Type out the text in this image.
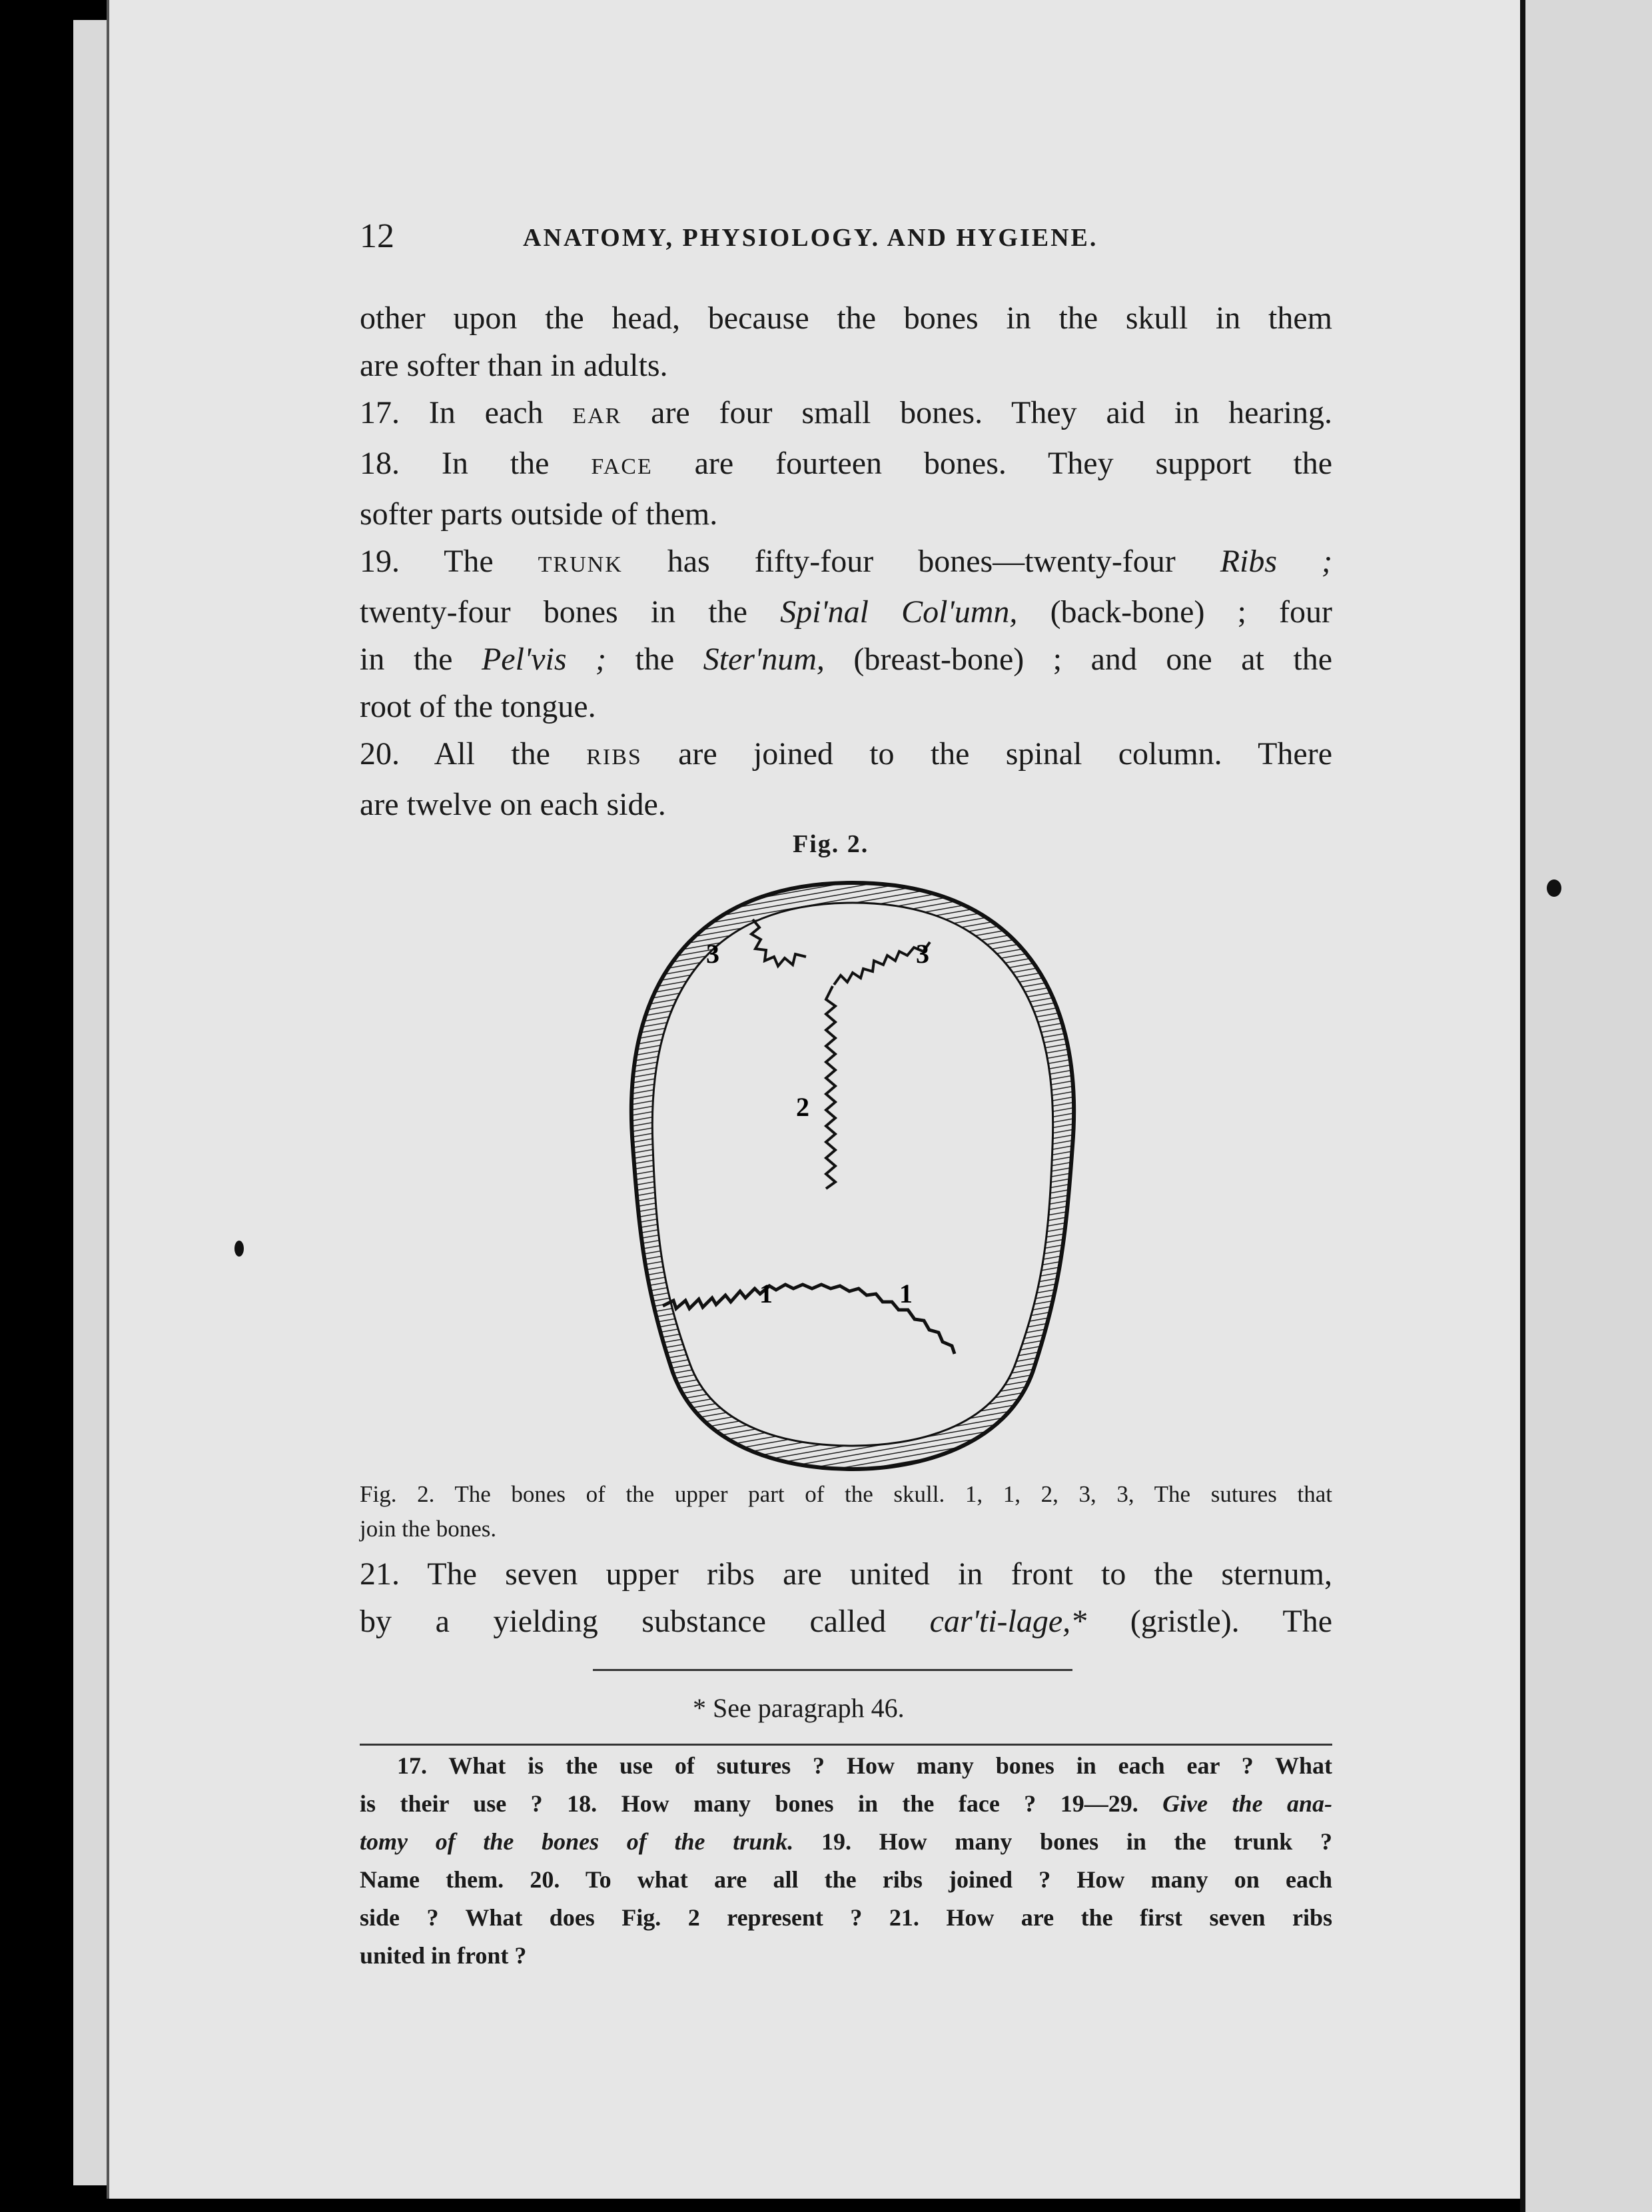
12	ANATOMY, PHYSIOLOGY. AND HYGIENE.

other upon the head, because the bones in the skull in them

are softer than in adults.

17. In each EAR are four small bones. They aid in hearing.

18. In the FACE are fourteen bones. They support the

softer parts outside of them.

19. The TRUNK has fifty-four bones—twenty-four Ribs ;

twenty-four bones in the Spi'nal Col'umn, (back-bone) ; four

in the Pel'vis ; the Ster'num, (breast-bone) ; and one at the

root of the tongue.

20. All the RIBS are joined to the spinal column. There

are twelve on each side.

Fig. 2.
3	3
2
1	1
Fig. 2. The bones of the upper part of the skull. 1, 1, 2, 3, 3, The sutures that
join the bones.

21. The seven upper ribs are united in front to the sternum,

by a yielding substance called car'ti-lage,* (gristle). The

* See paragraph 46.

17. What is the use of sutures ? How many bones in each ear ? What

is their use ? 18. How many bones in the face ? 19—29. Give the ana-

tomy of the bones of the trunk. 19. How many bones in the trunk ?

Name them. 20. To what are all the ribs joined ? How many on each

side ? What does Fig. 2 represent ? 21. How are the first seven ribs

united in front ?
